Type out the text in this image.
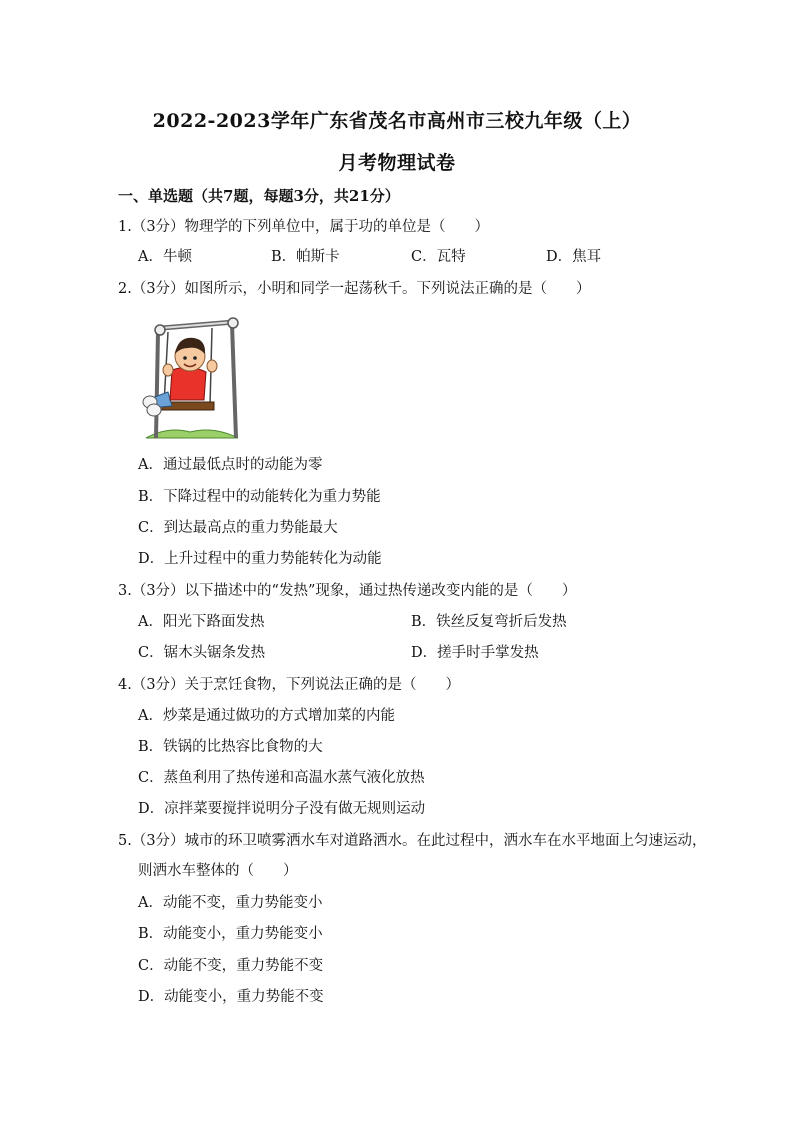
2022-2023学年广东省茂名市高州市三校九年级（上）
月考物理试卷
一、单选题（共7题，每题3分，共21分）
1.（3分）物理学的下列单位中，属于功的单位是（　　）
A．牛顿	B．帕斯卡	C．瓦特	D．焦耳
2.（3分）如图所示，小明和同学一起荡秋千。下列说法正确的是（　　）
A．通过最低点时的动能为零
B．下降过程中的动能转化为重力势能
C．到达最高点的重力势能最大
D．上升过程中的重力势能转化为动能
3.（3分）以下描述中的“发热”现象，通过热传递改变内能的是（　　）
A．阳光下路面发热	B．铁丝反复弯折后发热
C．锯木头锯条发热	D．搓手时手掌发热
4.（3分）关于烹饪食物，下列说法正确的是（　　）
A．炒菜是通过做功的方式增加菜的内能
B．铁锅的比热容比食物的大
C．蒸鱼利用了热传递和高温水蒸气液化放热
D．凉拌菜要搅拌说明分子没有做无规则运动
5.（3分）城市的环卫喷雾洒水车对道路洒水。在此过程中，洒水车在水平地面上匀速运动，
则洒水车整体的（　　）
A．动能不变，重力势能变小
B．动能变小，重力势能变小
C．动能不变，重力势能不变
D．动能变小，重力势能不变
